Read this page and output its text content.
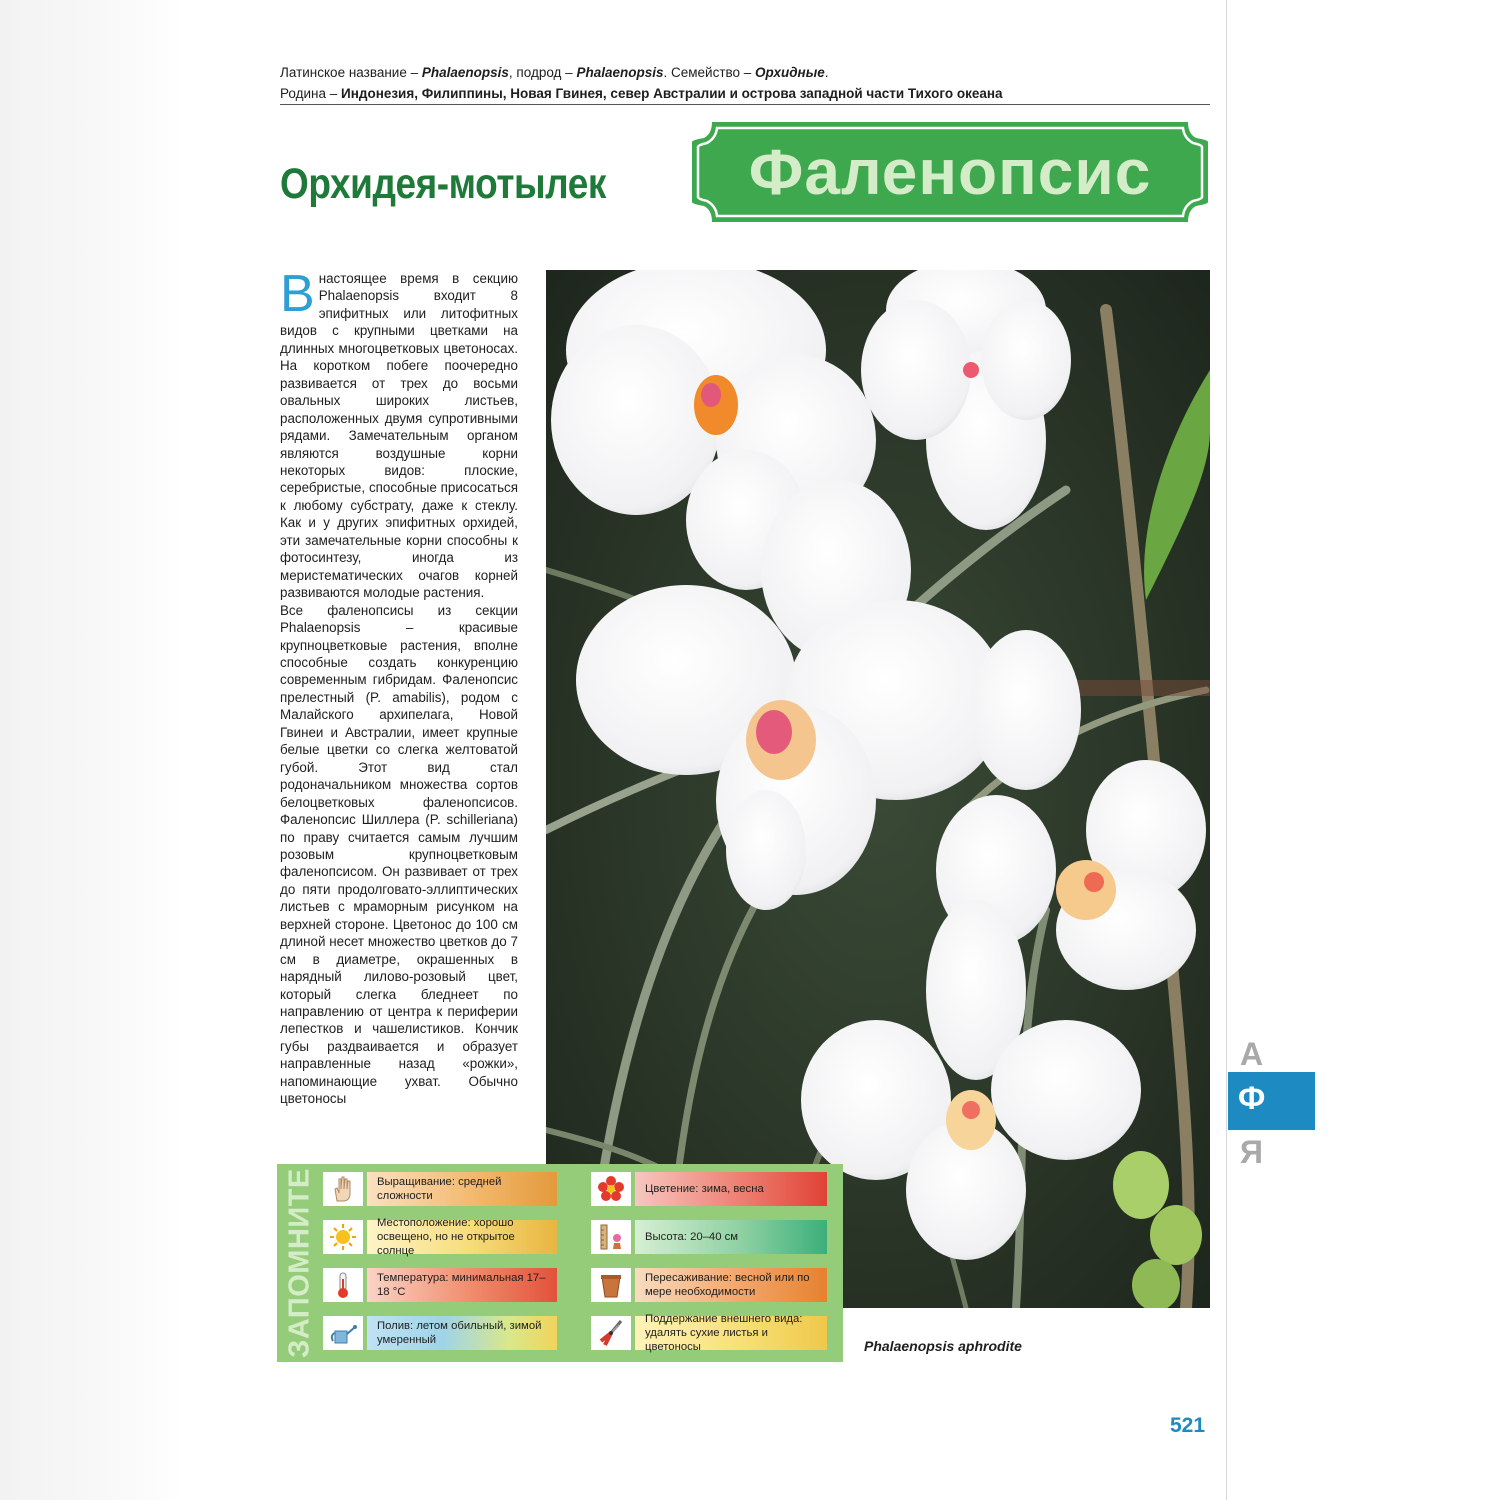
Латинское название – Phalaenopsis, подрод – Phalaenopsis. Семейство – Орхидные.
Родина – Индонезия, Филиппины, Новая Гвинея, север Австралии и острова западной части Тихого океана
Орхидея-мотылек	Фаленопсис
В настоящее время в секцию Phalaenopsis входит 8 эпифитных или литофитных видов с крупными цветками на длинных многоцветковых цветоносах. На коротком побеге поочередно развивается от трех до восьми овальных широких листьев, расположенных двумя супротивными рядами. Замечательным органом являются воздушные корни некоторых видов: плоские, серебристые, способные присосаться к любому субстрату, даже к стеклу. Как и у других эпифитных орхидей, эти замечательные корни способны к фотосинтезу, иногда из меристематических очагов корней развиваются молодые растения.

Все фаленопсисы из секции Phalaenopsis – красивые крупноцветковые растения, вполне способные создать конкуренцию современным гибридам. Фаленопсис прелестный (P. amabilis), родом с Малайского архипелага, Новой Гвинеи и Австралии, имеет крупные белые цветки со слегка желтоватой губой. Этот вид стал родоначальником множества сортов белоцветковых фаленопсисов. Фаленопсис Шиллера (P. schilleriana) по праву считается самым лучшим розовым крупноцветковым фаленопсисом. Он развивает от трех до пяти продолговато-эллиптических листьев с мраморным рисунком на верхней стороне. Цветонос до 100 см длиной несет множество цветков до 7 см в диаметре, окрашенных в нарядный лилово-розовый цвет, который слегка бледнеет по направлению от центра к периферии лепестков и чашелистиков. Кончик губы раздваивается и образует направленные назад «рожки», напоминающие ухват. Обычно цветоносы

Phalaenopsis aphrodite
ЗАПОМНИТЕ	Выращивание: средней сложности
Местоположение: хорошо освещено, но не открытое солнце
Температура: минимальная 17–18 °С
Полив: летом обильный, зимой умеренный
Цветение: зима, весна
Высота: 20–40 см
Пересаживание: весной или по мере необходимости
Поддержание внешнего вида: удалять сухие листья и цветоносы
А
Ф
Я
521
